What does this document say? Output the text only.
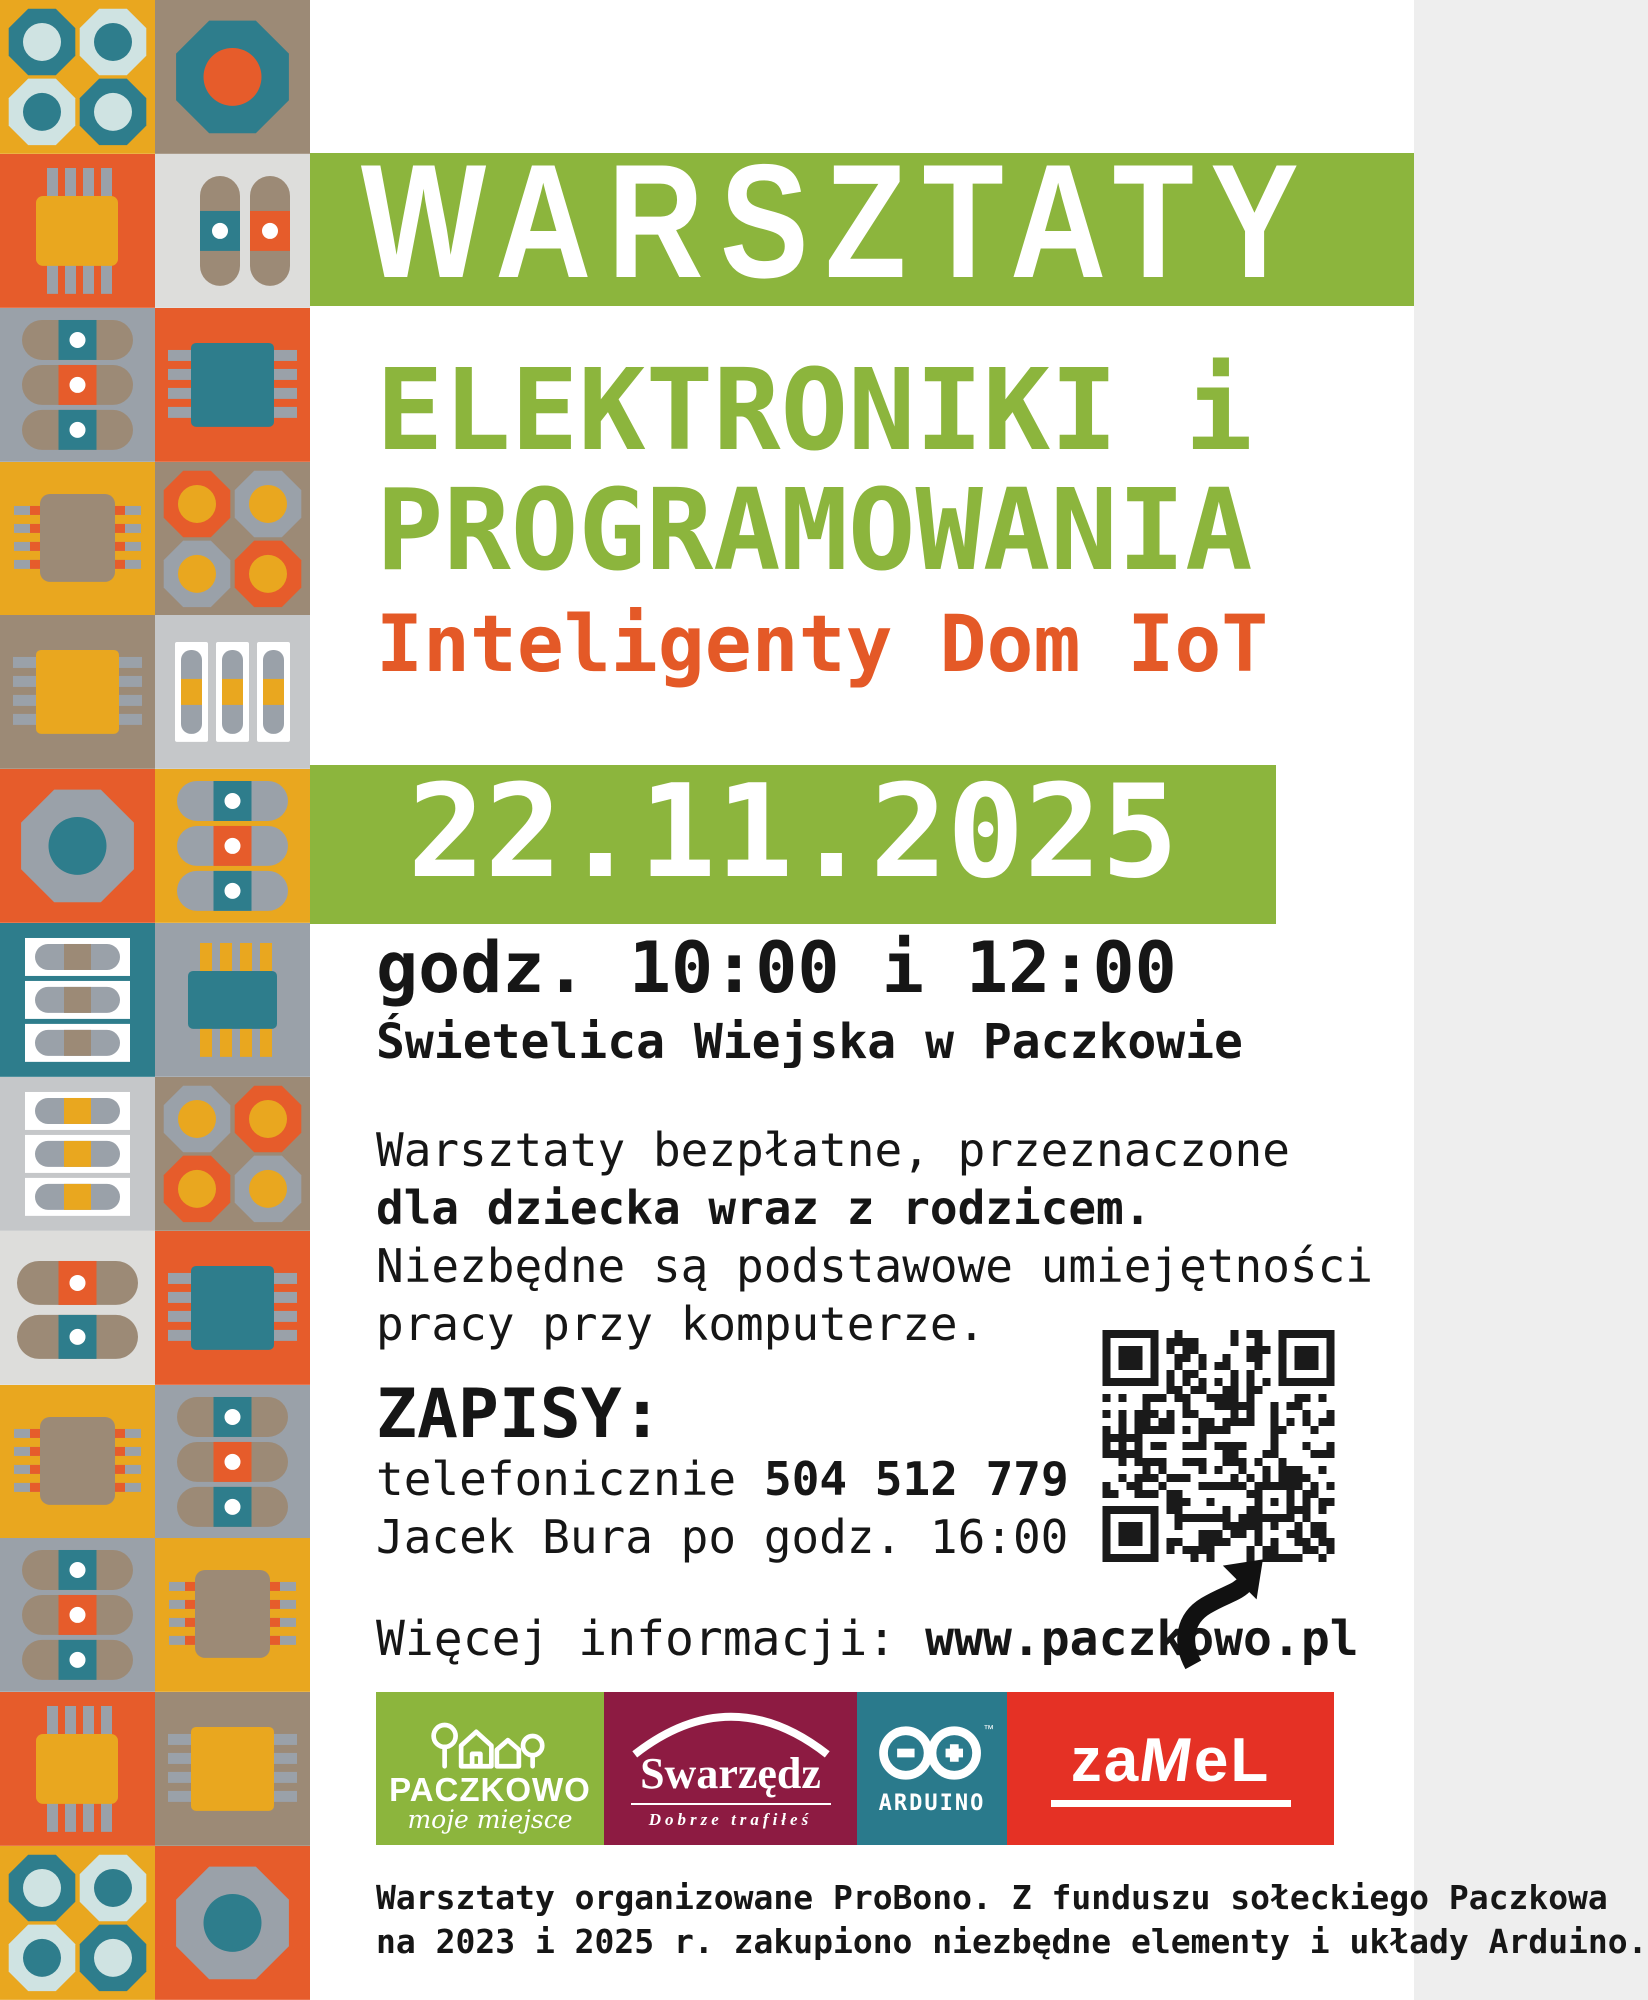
WARSZTATY
ELEKTRONIKI i
PROGRAMOWANIA
Inteligenty Dom IoT
22.11.2025
godz. 10:00 i 12:00
Świetelica Wiejska w Paczkowie
Warsztaty bezpłatne, przeznaczone
dla dziecka wraz z rodzicem.
Niezbędne są podstawowe umiejętności
pracy przy komputerze.
ZAPISY:
telefonicznie 504 512 779
Jacek Bura po godz. 16:00
Więcej informacji: www.paczkowo.pl
PACZKOWO
moje miejsce
Swarzędz
Dobrze trafiłeś
™
ARDUINO
zaMeL
Warsztaty organizowane ProBono. Z funduszu sołeckiego Paczkowa
na 2023 i 2025 r. zakupiono niezbędne elementy i układy Arduino.
